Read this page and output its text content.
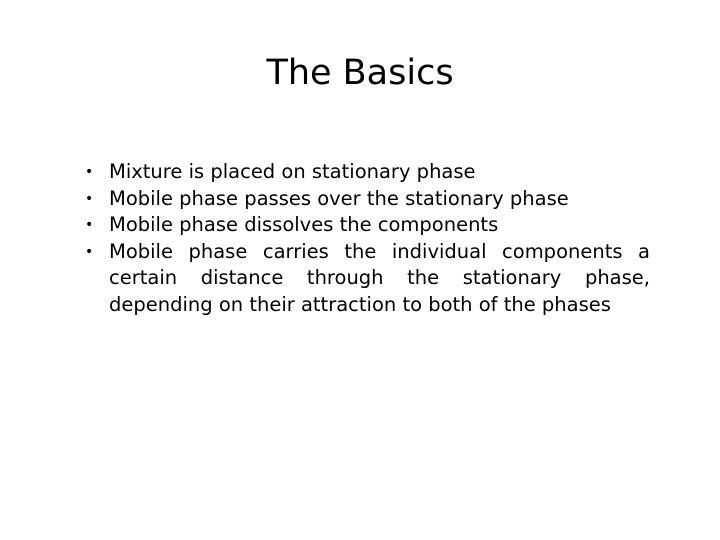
The Basics
• Mixture is placed on stationary phase
• Mobile phase passes over the stationary phase
• Mobile phase dissolves the components
• Mobile phase carries the individual components a certain distance through the stationary phase, depending on their attraction to both of the phases
